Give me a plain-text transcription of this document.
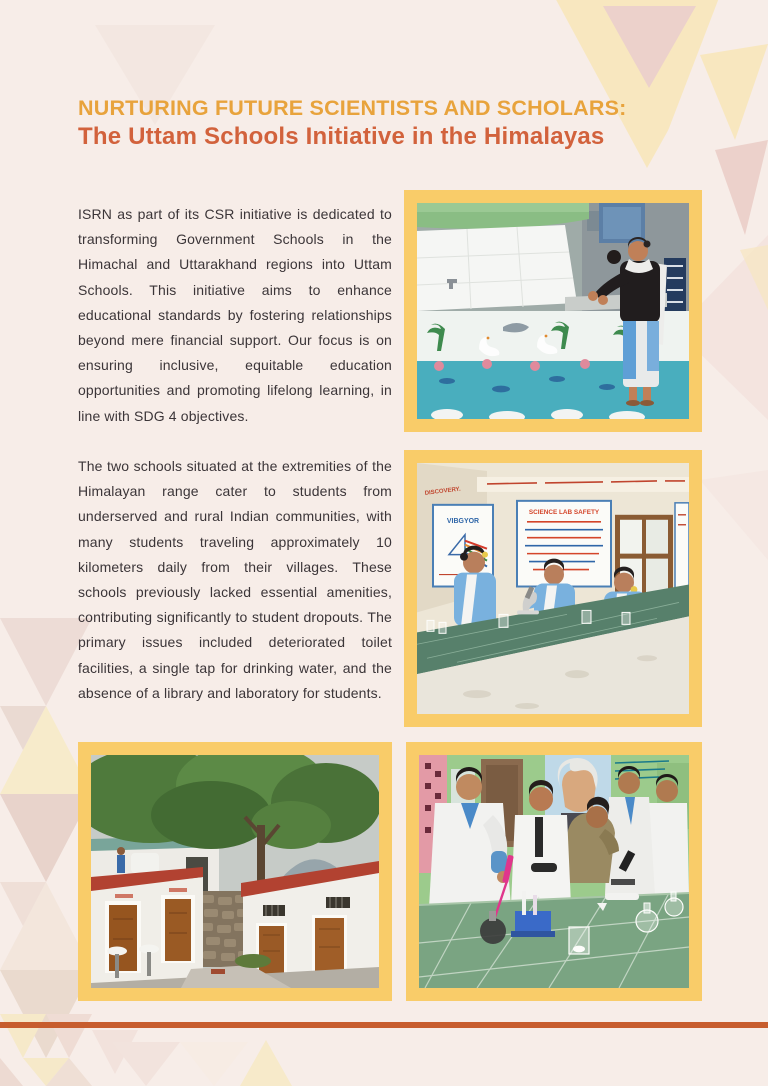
NURTURING FUTURE SCIENTISTS AND SCHOLARS:
The Uttam Schools Initiative in the Himalayas

ISRN as part of its CSR initiative is dedicated to transforming Government Schools in the Himachal and Uttarakhand regions into Uttam Schools. This initiative aims to enhance educational standards by fostering relationships beyond mere financial support. Our focus is on ensuring inclusive, equitable education opportunities and promoting lifelong learning, in line with SDG 4 objectives.

The two schools situated at the extremities of the Himalayan range cater to students from underserved and rural Indian communities, with many students traveling approximately 10 kilometers daily from their villages. These schools previously lacked essential amenities, contributing significantly to student dropouts. The primary issues included deteriorated toilet facilities, a single tap for drinking water, and the absence of a library and laboratory for students.

DISCOVERY.
VIBGYOR
SCIENCE LAB SAFETY
